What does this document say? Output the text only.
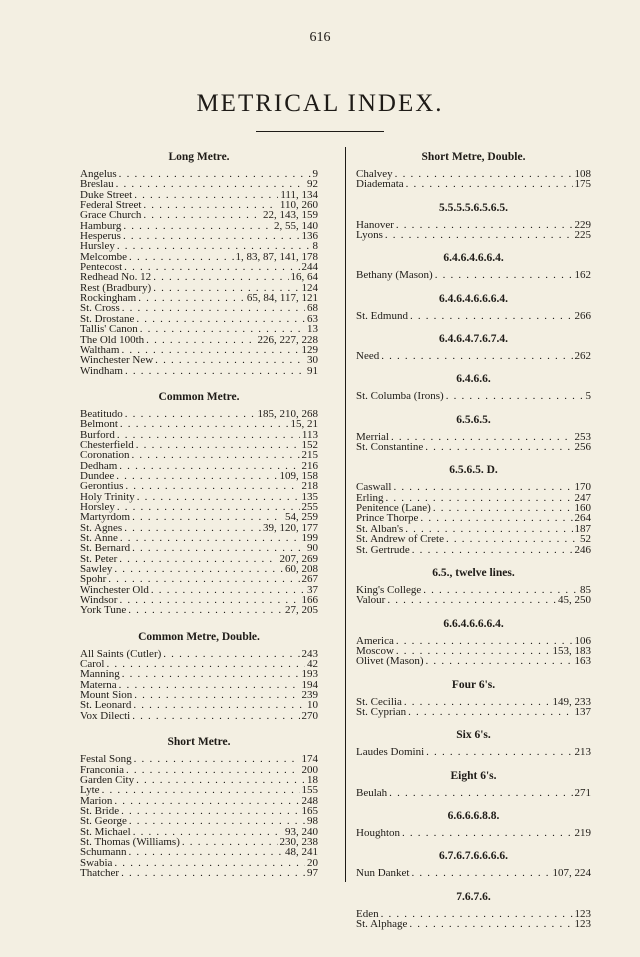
616
METRICAL INDEX.
Long Metre.
Angelus . . .	9
Breslau . . .	92
Duke Street . . .	111, 134
Federal Street . . .	110, 260
Grace Church . . .	22, 143, 159
Hamburg . . .	2, 55, 140
Hesperus . . .	136
Hursley . . .	8
Melcombe . . .	1, 83, 87, 141, 178
Pentecost . . .	244
Redhead No. 12 . . .	16, 64
Rest (Bradbury) . . .	124
Rockingham . . .	65, 84, 117, 121
St. Cross . . .	68
St. Drostane . . .	63
Tallis' Canon . . .	13
The Old 100th . . .	226, 227, 228
Waltham . . .	129
Winchester New . . .	30
Windham . . .	91
Common Metre.
Beatitudo . . .	185, 210, 268
Belmont . . .	15, 21
Burford . . .	113
Chesterfield . . .	152
Coronation . . .	215
Dedham . . .	216
Dundee . . .	109, 158
Gerontius . . .	218
Holy Trinity . . .	135
Horsley . . .	255
Martyrdom . . .	54, 259
St. Agnes . . .	39, 120, 177
St. Anne . . .	199
St. Bernard . . .	90
St. Peter . . .	207, 269
Sawley . . .	60, 208
Spohr . . .	267
Winchester Old . . .	37
Windsor . . .	166
York Tune . . .	27, 205
Common Metre, Double.
All Saints (Cutler) . . .	243
Carol . . .	42
Manning . . .	193
Materna . . .	194
Mount Sion . . .	239
St. Leonard . . .	10
Vox Dilecti . . .	270
Short Metre.
Festal Song . . .	174
Franconia . . .	200
Garden City . . .	18
Lyte . . .	155
Marion . . .	248
St. Bride . . .	165
St. George . . .	98
St. Michael . . .	93, 240
St. Thomas (Williams) . . .	230, 238
Schumann . . .	48, 241
Swabia . . .	20
Thatcher . . .	97
Short Metre, Double.
Chalvey . . .	108
Diademata . . .	175
5.5.5.5.6.5.6.5.
Hanover . . .	229
Lyons . . .	225
6.4.6.4.6.6.4.
Bethany (Mason) . . .	162
6.4.6.4.6.6.6.4.
St. Edmund . . .	266
6.4.6.4.7.6.7.4.
Need . . .	262
6.4.6.6.
St. Columba (Irons) . . .	5
6.5.6.5.
Merrial . . .	253
St. Constantine . . .	256
6.5.6.5. D.
Caswall . . .	170
Erling . . .	247
Penitence (Lane) . . .	160
Prince Thorpe . . .	264
St. Alban's . . .	187
St. Andrew of Crete . . .	52
St. Gertrude . . .	246
6.5., twelve lines.
King's College . . .	85
Valour . . .	45, 250
6.6.4.6.6.6.4.
America . . .	106
Moscow . . .	153, 183
Olivet (Mason) . . .	163
Four 6's.
St. Cecilia . . .	149, 233
St. Cyprian . . .	137
Six 6's.
Laudes Domini . . .	213
Eight 6's.
Beulah . . .	271
6.6.6.6.8.8.
Houghton . . .	219
6.7.6.7.6.6.6.6.
Nun Danket . . .	107, 224
7.6.7.6.
Eden . . .	123
St. Alphage . . .	123
